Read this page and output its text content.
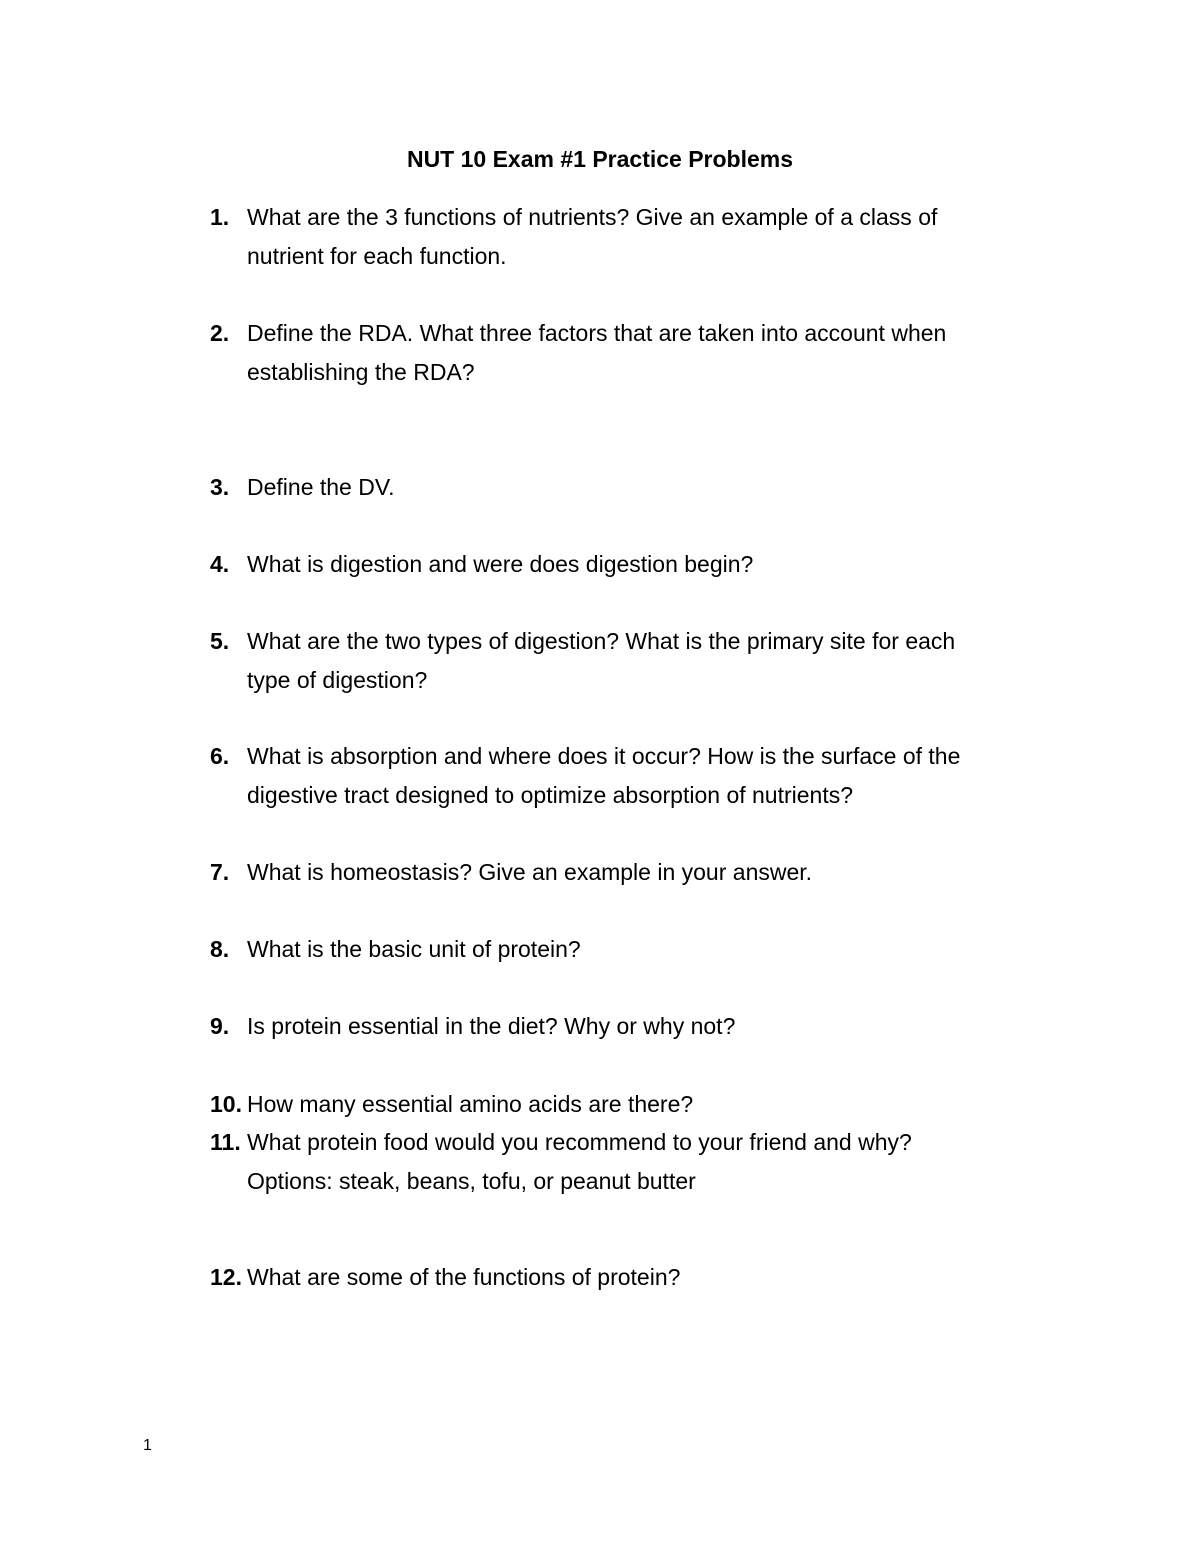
NUT 10 Exam #1 Practice Problems
1. What are the 3 functions of nutrients? Give an example of a class of
nutrient for each function.
2. Define the RDA. What three factors that are taken into account when
establishing the RDA?
3. Define the DV.
4. What is digestion and were does digestion begin?
5. What are the two types of digestion? What is the primary site for each
type of digestion?
6. What is absorption and where does it occur? How is the surface of the
digestive tract designed to optimize absorption of nutrients?
7. What is homeostasis? Give an example in your answer.
8. What is the basic unit of protein?
9. Is protein essential in the diet? Why or why not?
10. How many essential amino acids are there?
11. What protein food would you recommend to your friend and why?
Options: steak, beans, tofu, or peanut butter
12. What are some of the functions of protein?
1
